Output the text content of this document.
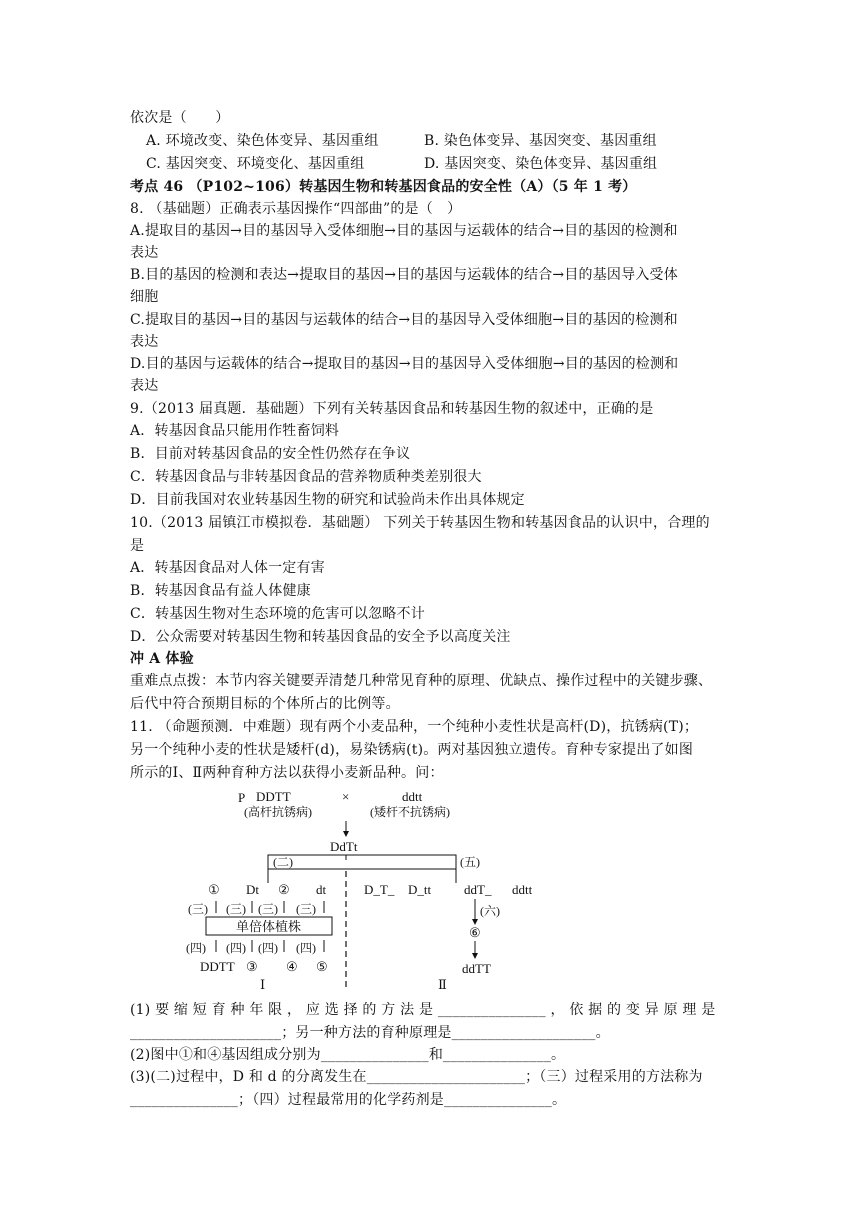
依次是（　　）
A. 环境改变、染色体变异、基因重组	B. 染色体变异、基因突变、基因重组
C. 基因突变、环境变化、基因重组	D. 基因突变、染色体变异、基因重组
考点 46 （P102~106）转基因生物和转基因食品的安全性（A）（5 年 1 考）
8. （基础题）正确表示基因操作“四部曲”的是（　）
A.提取目的基因→目的基因导入受体细胞→目的基因与运载体的结合→目的基因的检测和
表达
B.目的基因的检测和表达→提取目的基因→目的基因与运载体的结合→目的基因导入受体
细胞
C.提取目的基因→目的基因与运载体的结合→目的基因导入受体细胞→目的基因的检测和
表达
D.目的基因与运载体的结合→提取目的基因→目的基因导入受体细胞→目的基因的检测和
表达
9.（2013 届真题．基础题）下列有关转基因食品和转基因生物的叙述中，正确的是
A．转基因食品只能用作牲畜饲料
B．目前对转基因食品的安全性仍然存在争议
C．转基因食品与非转基因食品的营养物质种类差别很大
D．目前我国对农业转基因生物的研究和试验尚未作出具体规定
10.（2013 届镇江市模拟卷．基础题） 下列关于转基因生物和转基因食品的认识中，合理的
是
A．转基因食品对人体一定有害
B．转基因食品有益人体健康
C．转基因生物对生态环境的危害可以忽略不计
D．公众需要对转基因生物和转基因食品的安全予以高度关注
冲 A 体验
重难点点拨：本节内容关键要弄清楚几种常见育种的原理、优缺点、操作过程中的关键步骤、
后代中符合预期目标的个体所占的比例等。
11. （命题预测．中难题）现有两个小麦品种，一个纯种小麦性状是高杆(D)，抗锈病(T)；
另一个纯种小麦的性状是矮杆(d)，易染锈病(t)。两对基因独立遗传。育种专家提出了如图
所示的Ⅰ、Ⅱ两种育种方法以获得小麦新品种。问：
P DDTT	×	ddtt
(高杆抗锈病)	(矮杆不抗锈病)
DdTt
(二)	(五)
① Dt ② dt	D_T_ D_tt	ddT_ ddtt
(三) (三) (三) (三)
单倍体植株
(四) (四) (四) (四)
DDTT ③ ④ ⑤
(六)
⑥
ddTT
Ⅰ	Ⅱ
(1) 要 缩 短 育 种 年 限 ， 应 选 择 的 方 法 是 _______________ ， 依 据 的 变 异 原 理 是
_____________________；另一种方法的育种原理是____________________。
(2)图中①和④基因组成分别为_______________和_______________。
(3)(二)过程中，D 和 d 的分离发生在______________________；（三）过程采用的方法称为
_______________；（四）过程最常用的化学药剂是_______________。
